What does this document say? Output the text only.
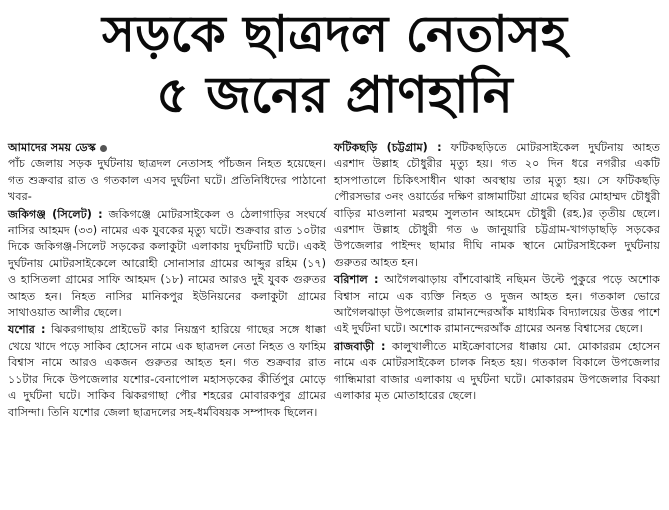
সড়কে ছাত্রদল নেতাসহ
৫ জনের প্রাণহানি
আমাদের সময় ডেস্ক

পাঁচ জেলায় সড়ক দুর্ঘটনায় ছাত্রদল নেতাসহ পাঁচজন নিহত হয়েছেন। গত শুক্রবার রাত ও গতকাল এসব দুর্ঘটনা ঘটে। প্রতিনিধিদের পাঠানো খবর-

জকিগঞ্জ (সিলেট) : জকিগঞ্জে মোটরসাইকেল ও ঠেলাগাড়ির সংঘর্ষে নাসির আহমদ (৩৩) নামের এক যুবকের মৃত্যু ঘটে। শুক্রবার রাত ১০টার দিকে জকিগঞ্জ-সিলেট সড়কের কলাকুটা এলাকায় দুর্ঘটনাটি ঘটে। একই দুর্ঘটনায় মোটরসাইকেলে আরোহী সোনাসার গ্রামের আব্দুর রহিম (১৭) ও হাসিতলা গ্রামের সাফি আহমদ (১৮) নামের আরও দুই যুবক গুরুতর আহত হন। নিহত নাসির মানিকপুর ইউনিয়নের কলাকুটা গ্রামের সাথাওয়াত আলীর ছেলে।

যশোর : ঝিকরগাছায় প্রাইভেট কার নিয়ন্ত্রণ হারিয়ে গাছের সঙ্গে ধাক্কা খেয়ে খাদে পড়ে সাকিব হোসেন নামে এক ছাত্রদল নেতা নিহত ও ফাহিম বিশ্বাস নামে আরও একজন গুরুতর আহত হন। গত শুক্রবার রাত ১১টার দিকে উপজেলার যশোর-বেনাপোল মহাসড়কের কীর্তিপুর মোড়ে এ দুর্ঘটনা ঘটে। সাকিব ঝিকরগাছা পৌর শহরের মোবারকপুর গ্রামের বাসিন্দা। তিনি যশোর জেলা ছাত্রদলের সহ-ধর্মবিষয়ক সম্পাদক ছিলেন।

ফটিকছড়ি (চট্টগ্রাম) : ফটিকছড়িতে মোটরসাইকেল দুর্ঘটনায় আহত এরশাদ উল্লাহ চৌধুরীর মৃত্যু হয়। গত ২০ দিন ধরে নগরীর একটি হাসপাতালে চিকিৎসাধীন থাকা অবস্থায় তার মৃত্যু হয়। সে ফটিকছড়ি পৌরসভার ৩নং ওয়ার্ডের দক্ষিণ রাঙ্গামাটিয়া গ্রামের ছবির মোহাম্মদ চৌধুরী বাড়ির মাওলানা মরহুম সুলতান আহমেদ চৌধুরী (রহ.)র তৃতীয় ছেলে। এরশাদ উল্লাহ চৌধুরী গত ৬ জানুয়ারি চট্টগ্রাম-খাগড়াছড়ি সড়কের উপজেলার পাইন্দং ছামার দীঘি নামক স্থানে মোটরসাইকেল দুর্ঘটনায় গুরুতর আহত হন।

বরিশাল : আগৈলঝাড়ায় বাঁশবোঝাই নছিমন উল্টে পুকুরে পড়ে অশোক বিশ্বাস নামে এক ব্যক্তি নিহত ও দুজন আহত হন। গতকাল ভোরে আগৈলঝাড়া উপজেলার রামানন্দেরআঁক মাধ্যমিক বিদ্যালয়ের উত্তর পাশে এই দুর্ঘটনা ঘটে। অশোক রামানন্দেরআঁক গ্রামের অনন্ত বিশ্বাসের ছেলে।

রাজবাড়ী : কালুখালীতে মাইক্রোবাসের ধাক্কায় মো. মোকাররম হোসেন নামে এক মোটরসাইকেল চালক নিহত হয়। গতকাল বিকালে উপজেলার গান্ধিমারা বাজার এলাকায় এ দুর্ঘটনা ঘটে। মোকাররম উপজেলার বিকয়া এলাকার মৃত মোতাহারের ছেলে।
